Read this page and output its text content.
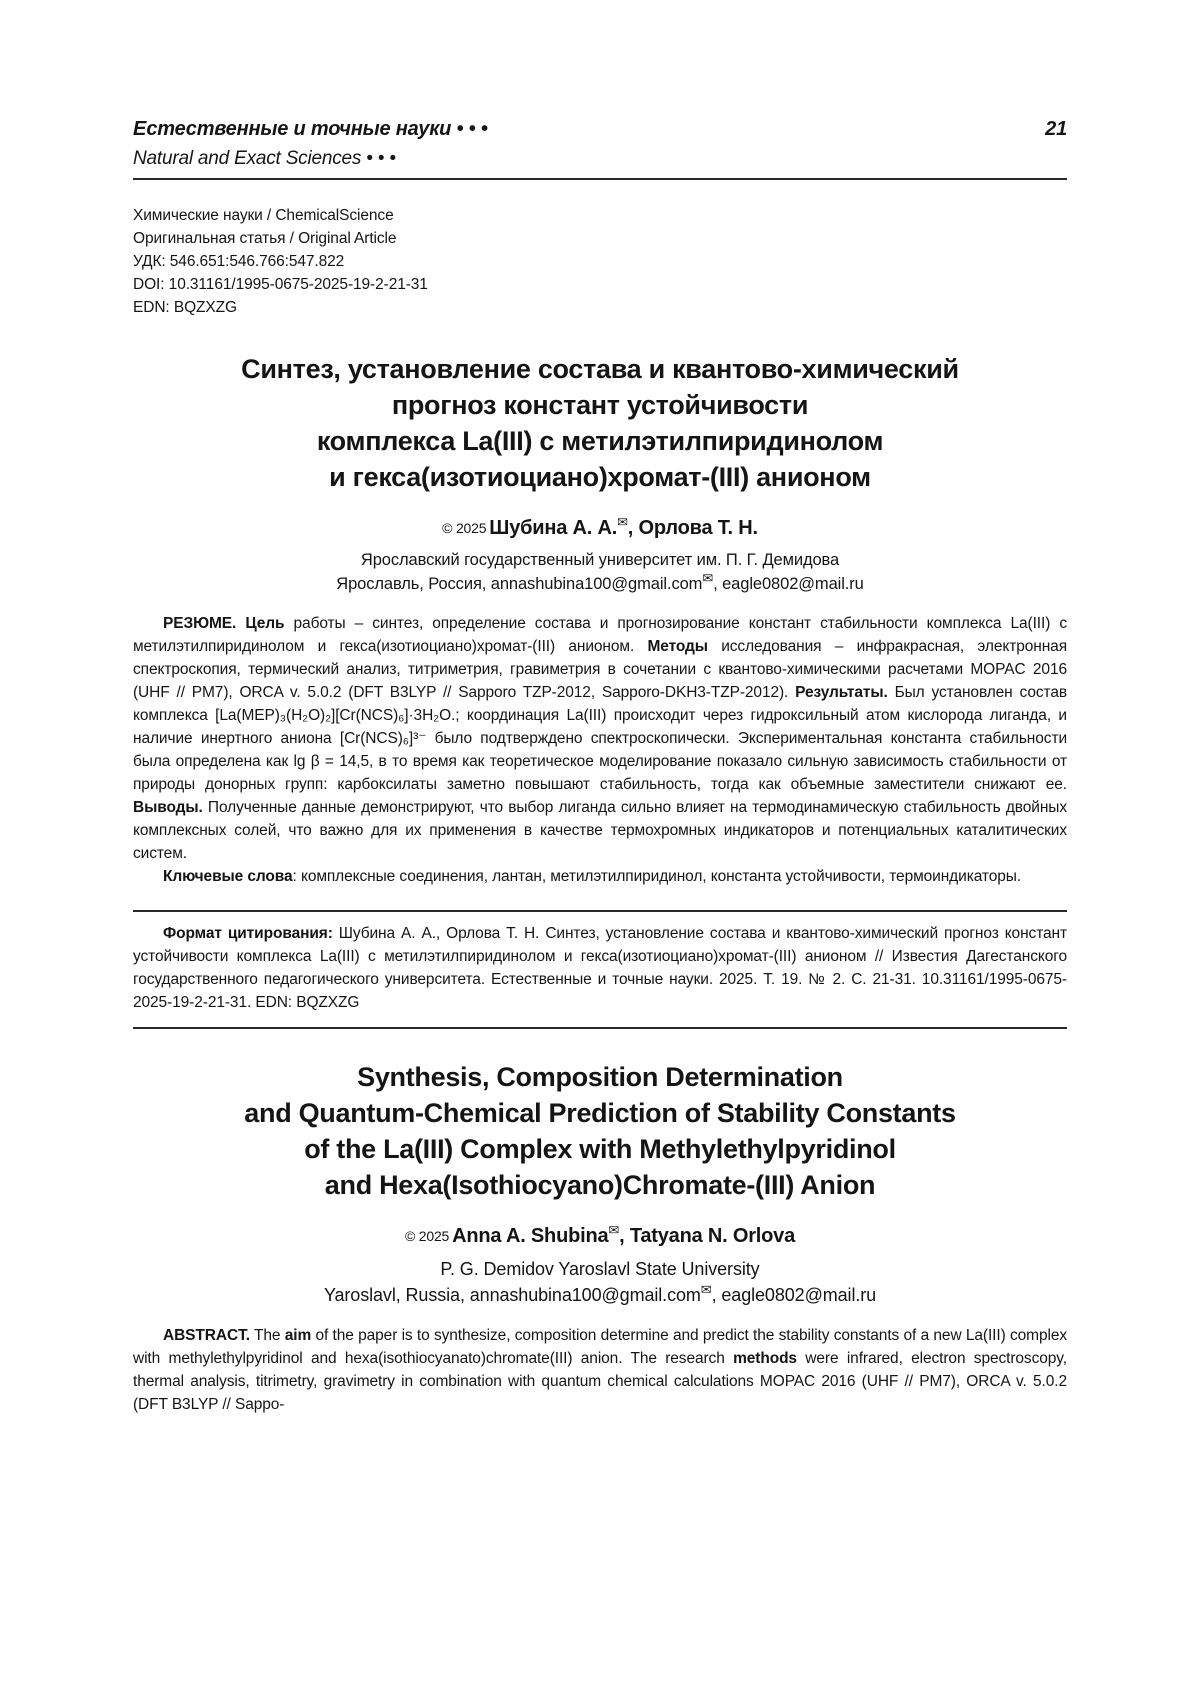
Естественные и точные науки • • •	21
Natural and Exact Sciences • • •
Химические науки / ChemicalScience
Оригинальная статья / Original Article
УДК: 546.651:546.766:547.822
DOI: 10.31161/1995-0675-2025-19-2-21-31
EDN: BQZXZG
Синтез, установление состава и квантово-химический
прогноз констант устойчивости
комплекса La(III) с метилэтилпиридинолом
и гекса(изотиоциано)хромат-(III) анионом

© 2025 Шубина А. А.✉, Орлова Т. Н.

Ярославский государственный университет им. П. Г. Демидова

Ярославль, Россия, annashubina100@gmail.com✉, eagle0802@mail.ru

РЕЗЮМЕ. Цель работы – синтез, определение состава и прогнозирование констант стабильности комплекса La(III) с метилэтилпиридинолом и гекса(изотиоциано)хромат-(III) анионом. Методы исследования – инфракрасная, электронная спектроскопия, термический анализ, титриметрия, гравиметрия в сочетании с квантово-химическими расчетами MOPAC 2016 (UHF // PM7), ORCA v. 5.0.2 (DFT B3LYP // Sapporo TZP-2012, Sapporo-DKH3-TZP-2012). Результаты. Был установлен состав комплекса [La(MEP)₃(H₂O)₂][Cr(NCS)₆]·3H₂O.; координация La(III) происходит через гидроксильный атом кислорода лиганда, и наличие инертного аниона [Cr(NCS)₆]³⁻ было подтверждено спектроскопически. Экспериментальная константа стабильности была определена как lg β = 14,5, в то время как теоретическое моделирование показало сильную зависимость стабильности от природы донорных групп: карбоксилаты заметно повышают стабильность, тогда как объемные заместители снижают ее. Выводы. Полученные данные демонстрируют, что выбор лиганда сильно влияет на термодинамическую стабильность двойных комплексных солей, что важно для их применения в качестве термохромных индикаторов и потенциальных каталитических систем.

Ключевые слова: комплексные соединения, лантан, метилэтилпиридинол, константа устойчивости, термоиндикаторы.

Формат цитирования: Шубина А. А., Орлова Т. Н. Синтез, установление состава и квантово-химический прогноз констант устойчивости комплекса La(III) с метилэтилпиридинолом и гекса(изотиоциано)хромат-(III) анионом // Известия Дагестанского государственного педагогического университета. Естественные и точные науки. 2025. Т. 19. № 2. С. 21-31. 10.31161/1995-0675-2025-19-2-21-31. EDN: BQZXZG

Synthesis, Composition Determination
and Quantum-Chemical Prediction of Stability Constants
of the La(III) Complex with Methylethylpyridinol
and Hexa(Isothiocyano)Chromate-(III) Anion

© 2025 Anna A. Shubina✉, Tatyana N. Orlova

P. G. Demidov Yaroslavl State University

Yaroslavl, Russia, annashubina100@gmail.com✉, eagle0802@mail.ru

ABSTRACT. The aim of the paper is to synthesize, composition determine and predict the stability constants of a new La(III) complex with methylethylpyridinol and hexa(isothiocyanato)chromate(III) anion. The research methods were infrared, electron spectroscopy, thermal analysis, titrimetry, gravimetry in combination with quantum chemical calculations MOPAC 2016 (UHF // PM7), ORCA v. 5.0.2 (DFT B3LYP // Sappo-
